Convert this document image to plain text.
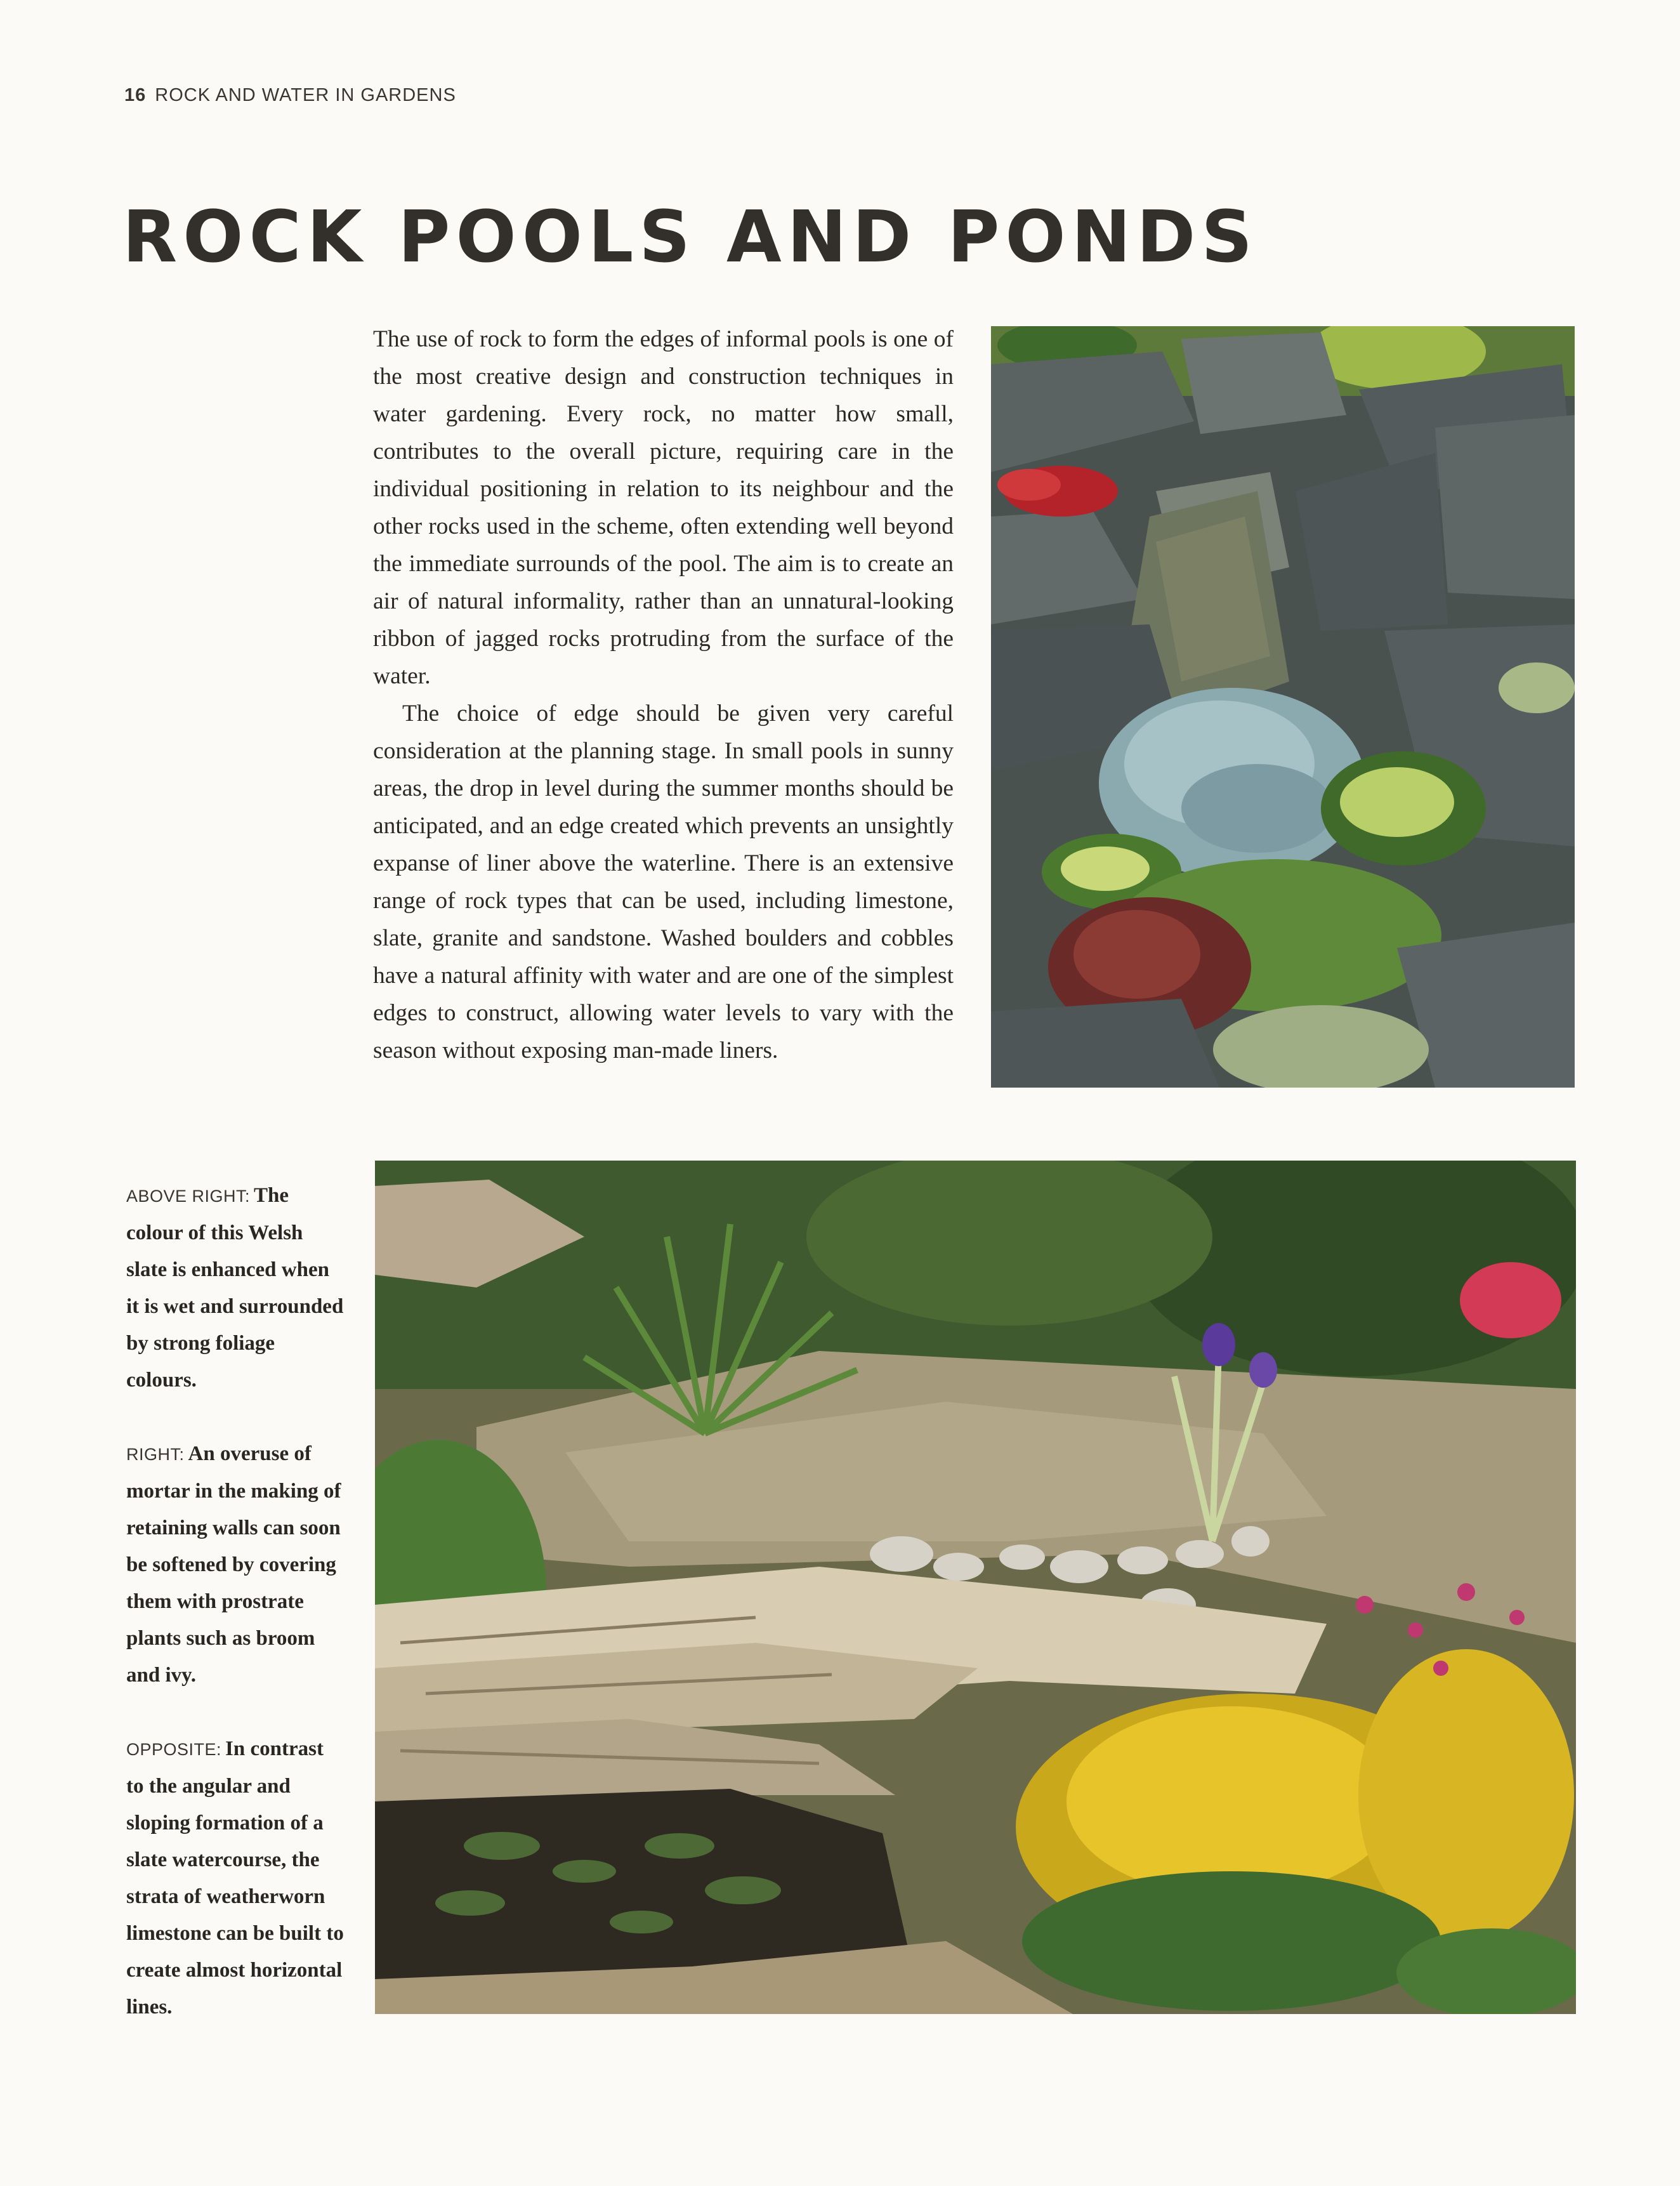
16 ROCK AND WATER IN GARDENS
ROCK POOLS AND PONDS

The use of rock to form the edges of informal pools is one of the most creative design and construction techniques in water gardening. Every rock, no matter how small, contributes to the overall picture, requiring care in the individual positioning in relation to its neighbour and the other rocks used in the scheme, often extending well beyond the immediate surrounds of the pool. The aim is to create an air of natural informality, rather than an unnatural-looking ribbon of jagged rocks protruding from the surface of the water.

The choice of edge should be given very careful consideration at the planning stage. In small pools in sunny areas, the drop in level during the summer months should be anticipated, and an edge created which prevents an unsightly expanse of liner above the waterline. There is an extensive range of rock types that can be used, including limestone, slate, granite and sandstone. Washed boulders and cobbles have a natural affinity with water and are one of the simplest edges to construct, allowing water levels to vary with the season without exposing man-made liners.

ABOVE RIGHT: The colour of this Welsh slate is enhanced when it is wet and surrounded by strong foliage colours.

RIGHT: An overuse of mortar in the making of retaining walls can soon be softened by covering them with prostrate plants such as broom and ivy.

OPPOSITE: In contrast to the angular and sloping formation of a slate watercourse, the strata of weatherworn limestone can be built to create almost horizontal lines.
